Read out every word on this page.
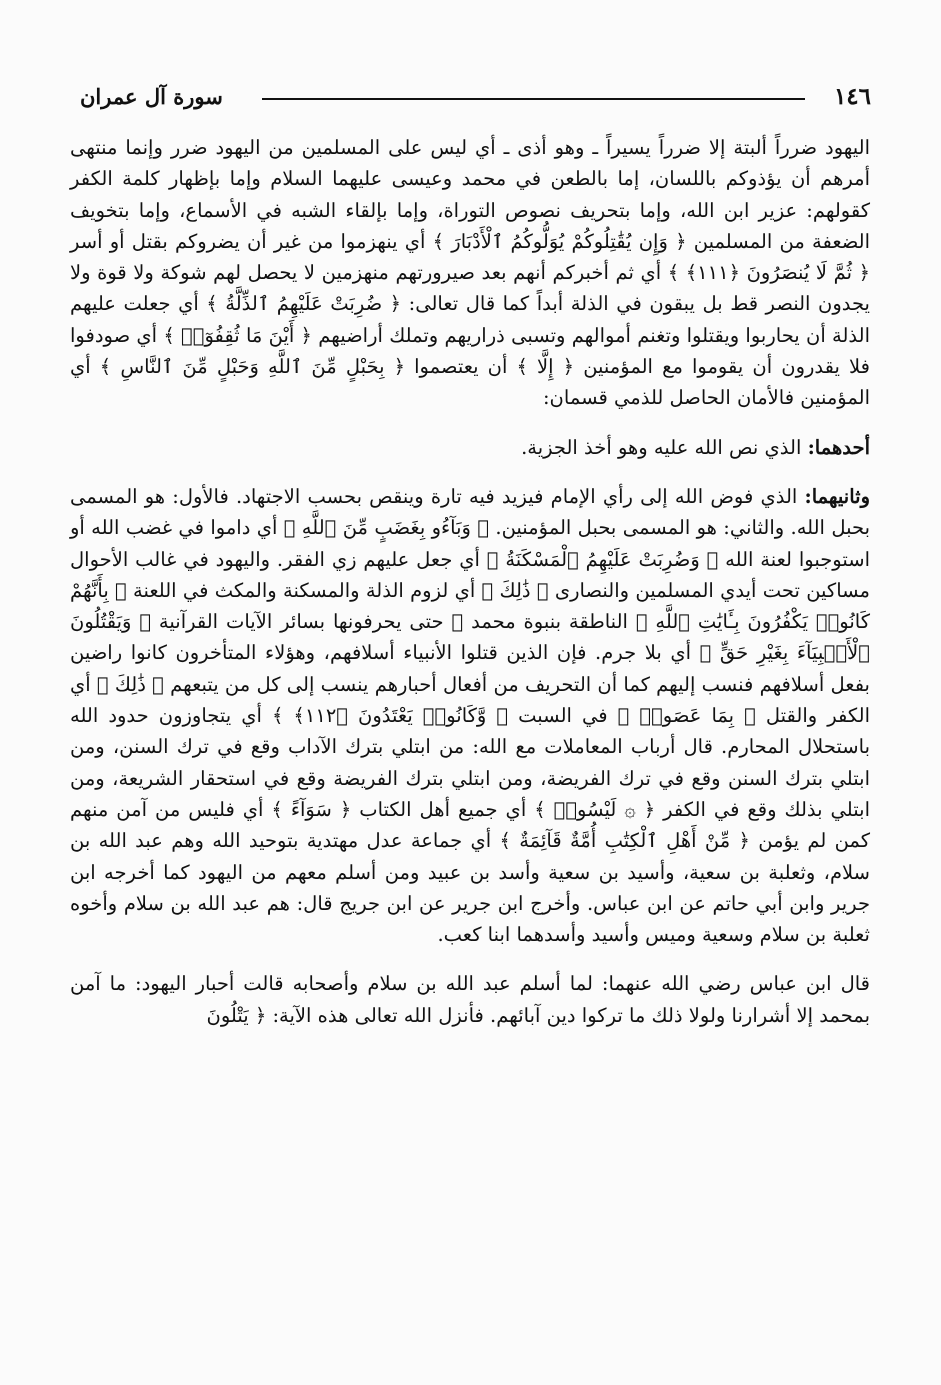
١٤٦
سورة آل عمران

اليهود ضرراً ألبتة إلا ضرراً يسيراً ـ وهو أذى ـ أي ليس على المسلمين من اليهود ضرر وإنما منتهى أمرهم أن يؤذوكم باللسان، إما بالطعن في محمد وعيسى عليهما السلام وإما بإظهار كلمة الكفر كقولهم: عزير ابن الله، وإما بتحريف نصوص التوراة، وإما بإلقاء الشبه في الأسماع، وإما بتخويف الضعفة من المسلمين ﴿ وَإِن يُقَٰتِلُوكُمْ يُوَلُّوكُمُ ٱلْأَدْبَارَ ﴾ أي ينهزموا من غير أن يضروكم بقتل أو أسر ﴿ ثُمَّ لَا يُنصَرُونَ ﴿١١١﴾ ﴾ أي ثم أخبركم أنهم بعد صيرورتهم منهزمين لا يحصل لهم شوكة ولا قوة ولا يجدون النصر قط بل يبقون في الذلة أبداً كما قال تعالى: ﴿ ضُرِبَتْ عَلَيْهِمُ ٱلذِّلَّةُ ﴾ أي جعلت عليهم الذلة أن يحاربوا ويقتلوا وتغنم أموالهم وتسبى ذراريهم وتملك أراضيهم ﴿ أَيْنَ مَا ثُقِفُوٓا۟ ﴾ أي صودفوا فلا يقدرون أن يقوموا مع المؤمنين ﴿ إِلَّا ﴾ أن يعتصموا ﴿ بِحَبْلٍ مِّنَ ٱللَّهِ وَحَبْلٍ مِّنَ ٱلنَّاسِ ﴾ أي المؤمنين فالأمان الحاصل للذمي قسمان:

أحدهما: الذي نص الله عليه وهو أخذ الجزية.

وثانيهما: الذي فوض الله إلى رأي الإمام فيزيد فيه تارة وينقص بحسب الاجتهاد. فالأول: هو المسمى بحبل الله. والثاني: هو المسمى بحبل المؤمنين. ﴿ وَبَآءُو بِغَضَبٍ مِّنَ ٱللَّهِ ﴾ أي داموا في غضب الله أو استوجبوا لعنة الله ﴿ وَضُرِبَتْ عَلَيْهِمُ ٱلْمَسْكَنَةُ ﴾ أي جعل عليهم زي الفقر. واليهود في غالب الأحوال مساكين تحت أيدي المسلمين والنصارى ﴿ ذَٰلِكَ ﴾ أي لزوم الذلة والمسكنة والمكث في اللعنة ﴿ بِأَنَّهُمْ كَانُوا۟ يَكْفُرُونَ بِـَٔايَٰتِ ٱللَّهِ ﴾ الناطقة بنبوة محمد ﷺ حتى يحرفونها بسائر الآيات القرآنية ﴿ وَيَقْتُلُونَ ٱلْأَنۢبِيَآءَ بِغَيْرِ حَقٍّ ﴾ أي بلا جرم. فإن الذين قتلوا الأنبياء أسلافهم، وهؤلاء المتأخرون كانوا راضين بفعل أسلافهم فنسب إليهم كما أن التحريف من أفعال أحبارهم ينسب إلى كل من يتبعهم ﴿ ذَٰلِكَ ﴾ أي الكفر والقتل ﴿ بِمَا عَصَوا۟ ﴾ في السبت ﴿ وَّكَانُوا۟ يَعْتَدُونَ ﴿١١٢﴾ ﴾ أي يتجاوزون حدود الله باستحلال المحارم. قال أرباب المعاملات مع الله: من ابتلي بترك الآداب وقع في ترك السنن، ومن ابتلي بترك السنن وقع في ترك الفريضة، ومن ابتلي بترك الفريضة وقع في استحقار الشريعة، ومن ابتلي بذلك وقع في الكفر ﴿ ۞ لَيْسُوا۟ ﴾ أي جميع أهل الكتاب ﴿ سَوَآءً ﴾ أي فليس من آمن منهم كمن لم يؤمن ﴿ مِّنْ أَهْلِ ٱلْكِتَٰبِ أُمَّةٌ قَآئِمَةٌ ﴾ أي جماعة عدل مهتدية بتوحيد الله وهم عبد الله بن سلام، وثعلبة بن سعية، وأسيد بن سعية وأسد بن عبيد ومن أسلم معهم من اليهود كما أخرجه ابن جرير وابن أبي حاتم عن ابن عباس. وأخرج ابن جرير عن ابن جريج قال: هم عبد الله بن سلام وأخوه ثعلبة بن سلام وسعية وميس وأسيد وأسدهما ابنا كعب.

قال ابن عباس رضي الله عنهما: لما أسلم عبد الله بن سلام وأصحابه قالت أحبار اليهود: ما آمن بمحمد إلا أشرارنا ولولا ذلك ما تركوا دين آبائهم. فأنزل الله تعالى هذه الآية: ﴿ يَتْلُونَ
